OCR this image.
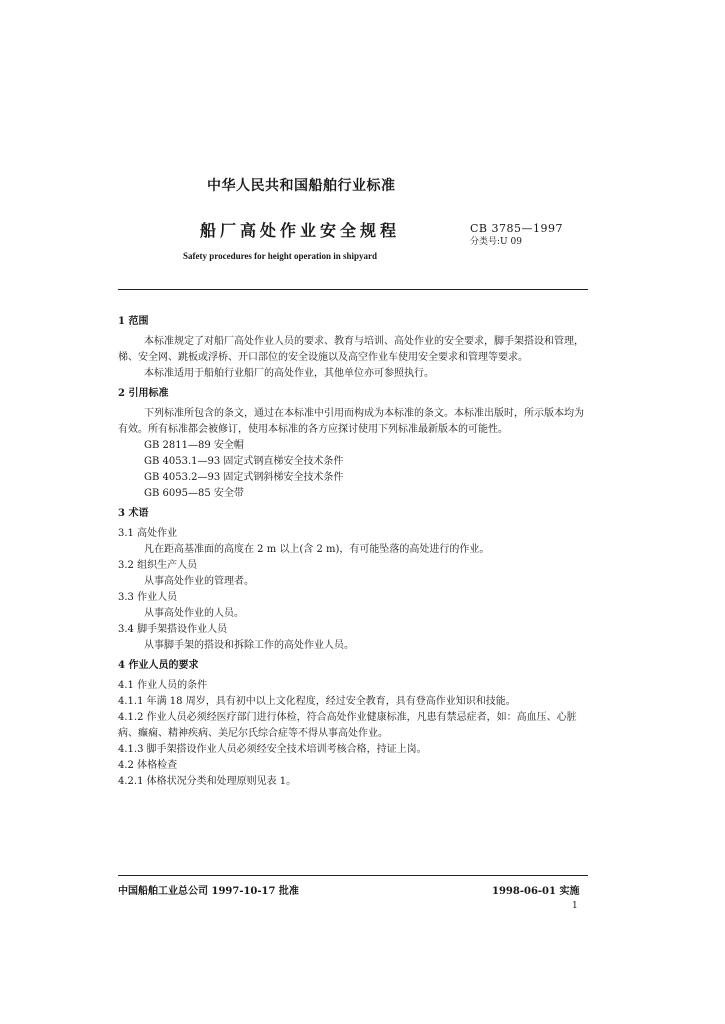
中华人民共和国船舶行业标准
船厂高处作业安全规程	CB 3785—1997
分类号:U 09
Safety procedures for height operation in shipyard

1 范围

本标准规定了对船厂高处作业人员的要求、教育与培训、高处作业的安全要求，脚手架搭设和管理，梯、安全网、跳板或浮桥、开口部位的安全设施以及高空作业车使用安全要求和管理等要求。

本标准适用于船舶行业船厂的高处作业，其他单位亦可参照执行。

2 引用标准

下列标准所包含的条文，通过在本标准中引用而构成为本标准的条文。本标准出版时，所示版本均为有效。所有标准都会被修订，使用本标准的各方应探讨使用下列标准最新版本的可能性。

GB 2811—89 安全帽

GB 4053.1—93 固定式钢直梯安全技术条件

GB 4053.2—93 固定式钢斜梯安全技术条件

GB 6095—85 安全带

3 术语

3.1 高处作业

凡在距高基准面的高度在 2 m 以上(含 2 m)，有可能坠落的高处进行的作业。

3.2 组织生产人员

从事高处作业的管理者。

3.3 作业人员

从事高处作业的人员。

3.4 脚手架搭设作业人员

从事脚手架的搭设和拆除工作的高处作业人员。

4 作业人员的要求

4.1 作业人员的条件

4.1.1 年满 18 周岁，具有初中以上文化程度，经过安全教育，具有登高作业知识和技能。

4.1.2 作业人员必须经医疗部门进行体检，符合高处作业健康标准，凡患有禁忌症者，如：高血压、心脏病、癫痫、精神疾病、美尼尔氏综合症等不得从事高处作业。

4.1.3 脚手架搭设作业人员必须经安全技术培训考核合格，持证上岗。

4.2 体格检查

4.2.1 体格状况分类和处理原则见表 1。

中国船舶工业总公司 1997-10-17 批准	1998-06-01 实施
1
